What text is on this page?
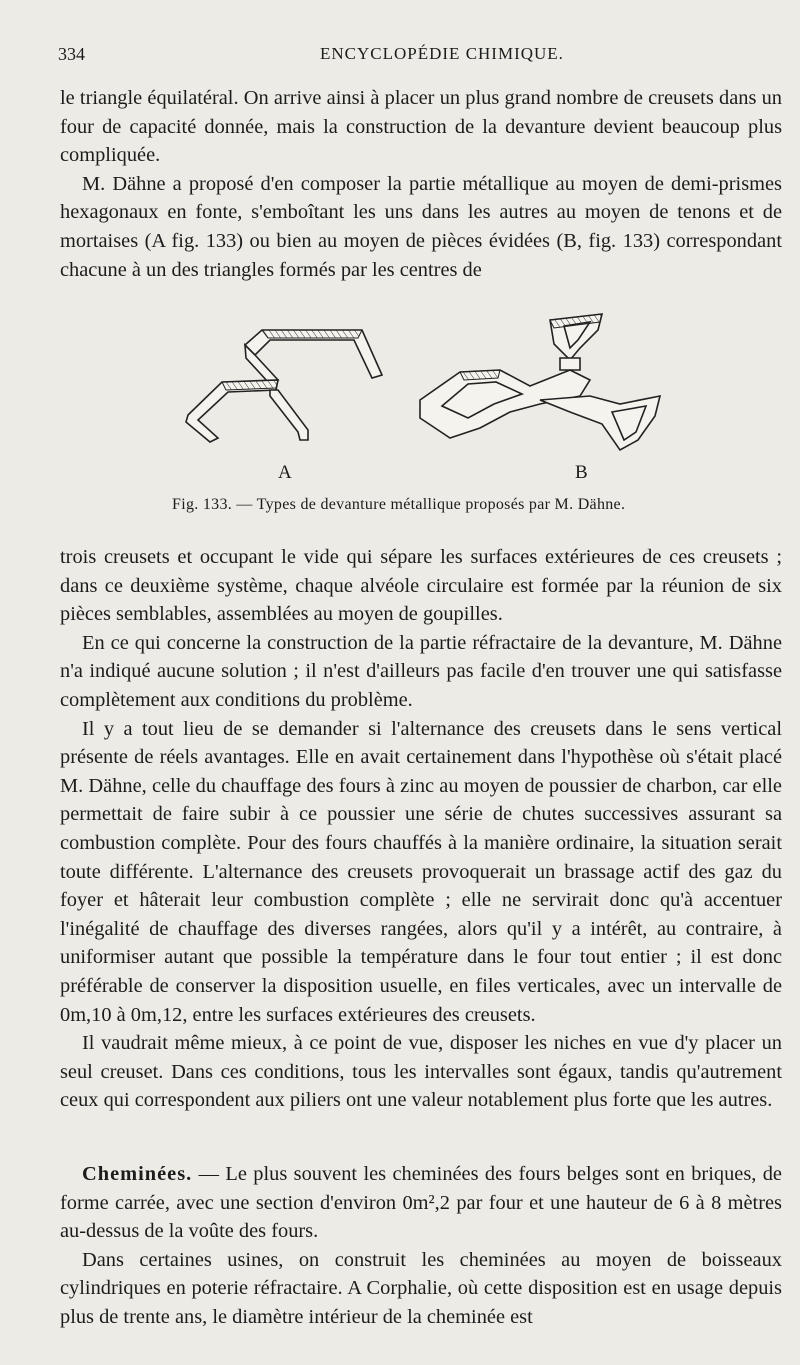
334	ENCYCLOPÉDIE CHIMIQUE.

le triangle équilatéral. On arrive ainsi à placer un plus grand nombre de creusets dans un four de capacité donnée, mais la construction de la devanture devient beaucoup plus compliquée.

M. Dähne a proposé d'en composer la partie métallique au moyen de demi-prismes hexagonaux en fonte, s'emboîtant les uns dans les autres au moyen de tenons et de mortaises (A fig. 133) ou bien au moyen de pièces évidées (B, fig. 133) correspondant chacune à un des triangles formés par les centres de

A	B
Fig. 133. — Types de devanture métallique proposés par M. Dähne.

trois creusets et occupant le vide qui sépare les surfaces extérieures de ces creusets ; dans ce deuxième système, chaque alvéole circulaire est formée par la réunion de six pièces semblables, assemblées au moyen de goupilles.

En ce qui concerne la construction de la partie réfractaire de la devanture, M. Dähne n'a indiqué aucune solution ; il n'est d'ailleurs pas facile d'en trouver une qui satisfasse complètement aux conditions du problème.

Il y a tout lieu de se demander si l'alternance des creusets dans le sens vertical présente de réels avantages. Elle en avait certainement dans l'hypothèse où s'était placé M. Dähne, celle du chauffage des fours à zinc au moyen de poussier de charbon, car elle permettait de faire subir à ce poussier une série de chutes successives assurant sa combustion complète. Pour des fours chauffés à la manière ordinaire, la situation serait toute différente. L'alternance des creusets provoquerait un brassage actif des gaz du foyer et hâterait leur combustion complète ; elle ne servirait donc qu'à accentuer l'inégalité de chauffage des diverses rangées, alors qu'il y a intérêt, au contraire, à uniformiser autant que possible la température dans le four tout entier ; il est donc préférable de conserver la disposition usuelle, en files verticales, avec un intervalle de 0m,10 à 0m,12, entre les surfaces extérieures des creusets.

Il vaudrait même mieux, à ce point de vue, disposer les niches en vue d'y placer un seul creuset. Dans ces conditions, tous les intervalles sont égaux, tandis qu'autrement ceux qui correspondent aux piliers ont une valeur notablement plus forte que les autres.

Cheminées. — Le plus souvent les cheminées des fours belges sont en briques, de forme carrée, avec une section d'environ 0m²,2 par four et une hauteur de 6 à 8 mètres au-dessus de la voûte des fours.

Dans certaines usines, on construit les cheminées au moyen de boisseaux cylindriques en poterie réfractaire. A Corphalie, où cette disposition est en usage depuis plus de trente ans, le diamètre intérieur de la cheminée est
